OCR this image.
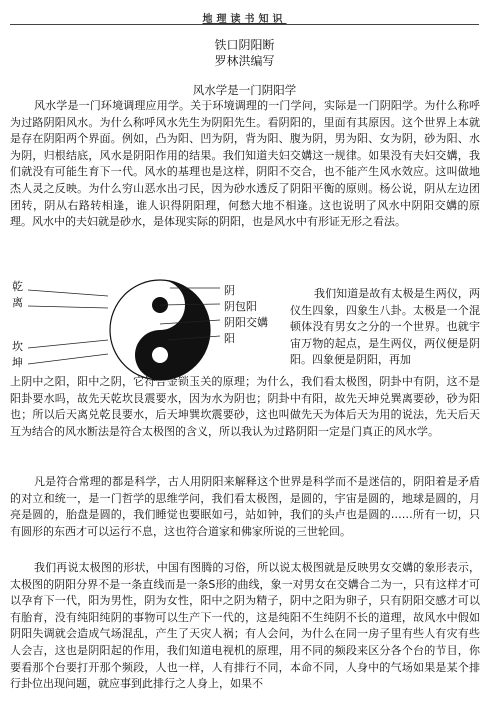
地理读书知识
铁口阴阳断
罗林洪编写
风水学是一门阴阳学

风水学是一门环境调理应用学。关于环境调理的一门学问，实际是一门阴阳学。为什么称呼为过路阴阳风水。为什么称呼风水先生为阴阳先生。看阴阳的，里面有其原因。这个世界上本就是存在阴阳两个界面。例如，凸为阳、凹为阴，背为阳、腹为阴，男为阳、女为阴，砂为阳、水为阴，归根结底，风水是阴阳作用的结果。我们知道夫妇交媾这一规律。如果没有夫妇交媾，我们就没有可能生育下一代。风水的基理也是这样，阴阳不交合，也不能产生风水效应。这叫做地杰人灵之反映。为什么穷山恶水出刁民，因为砂水透反了阴阳平衡的原则。杨公说，阴从左边团团转，阴从右路转相逢，谁人识得阴阳理，何愁大地不相逢。这也说明了风水中阴阳交媾的原理。风水中的夫妇就是砂水，是体现实际的阴阳，也是风水中有形证无形之看法。

乾
离
坎
坤
阴
阴包阳
阴阳交媾
阳

我们知道是故有太极是生两仪，两仪生四象，四象生八卦。太极是一个混顿体没有男女之分的一个世界。也就宇宙万物的起点，是生两仪，两仪便是阴阳。四象便是阴阳，再加

上阴中之阳，阳中之阴，它符合金锁玉关的原理；为什么，我们看太极图，阴卦中有阴，这不是阳卦要水吗，故先天乾坎艮震要水，因为水为阴也；阴卦中有阳，故先天坤兑巽离要砂，砂为阳也；所以后天离兑乾艮要水，后天坤巽坎震要砂，这也叫做先天为体后天为用的说法，先天后天互为结合的风水断法是符合太极图的含义，所以我认为过路阴阳一定是门真正的风水学。

凡是符合常理的都是科学，古人用阴阳来解释这个世界是科学而不是迷信的，阴阳着是矛盾的对立和统一，是一门哲学的思维学问，我们看太极图，是圆的，宇宙是圆的，地球是圆的，月亮是圆的，胎盘是圆的，我们睡觉也要眠如弓，站如钟，我们的头卢也是圆的……所有一切，只有圆形的东西才可以运行不息，这也符合道家和佛家所说的三世轮回。

我们再说太极图的形状，中国有图腾的习俗，所以说太极图就是反映男女交媾的象形表示，太极图的阴阳分界不是一条直线而是一条S形的曲线，象一对男女在交媾合二为一，只有这样才可以孕育下一代，阳为男性，阴为女性，阳中之阴为精子，阴中之阳为卵子，只有阴阳交感才可以有胎育，没有纯阳纯阴的事物可以生产下一代的，这是纯阳不生纯阴不长的道理，故风水中假如阴阳失调就会造成气场混乱，产生了天灾人祸；有人会问，为什么在同一房子里有些人有灾有些人会吉，这也是阴阳起的作用，我们知道电视机的原理，用不同的频段来区分各个台的节目，你要看那个台要打开那个频段，人也一样，人有排行不同，本命不同，人身中的气场如果是某个排行卦位出现问题，就应事到此排行之人身上，如果不
